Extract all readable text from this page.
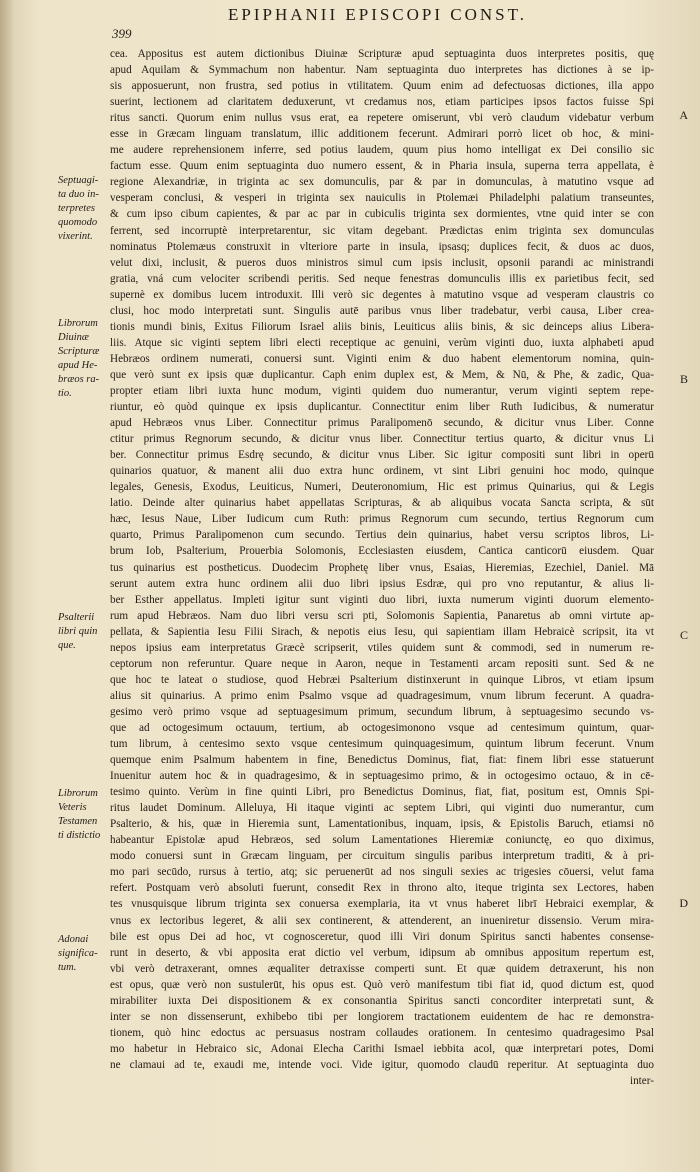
399
EPIPHANII EPISCOPI CONST.
cea. Appositus est autem dictionibus Diuinæ Scripturæ apud septuaginta duos interpretes positis, quę
apud Aquilam & Symmachum non habentur. Nam septuaginta duo interpretes has dictiones à se ip-
sis apposuerunt, non frustra, sed potius in vtilitatem. Quum enim ad defectuosas dictiones, illa appo
suerint, lectionem ad claritatem deduxerunt, vt credamus nos, etiam participes ipsos factos fuisse Spi
ritus sancti. Quorum enim nullus vsus erat, ea repetere omiserunt, vbi verò claudum videbatur verbum
esse in Græcam linguam translatum, illic additionem fecerunt. Admirari porrò licet ob hoc, & mini-
me audere reprehensionem inferre, sed potius laudem, quum pius homo intelligat ex Dei consilio sic
factum esse. Quum enim septuaginta duo numero essent, & in Pharia insula, superna terra appellata, è
regione Alexandriæ, in triginta ac sex domunculis, par & par in domunculas, à matutino vsque ad
vesperam conclusi, & vesperi in triginta sex nauiculis in Ptolemæi Philadelphi palatium transeuntes,
& cum ipso cibum capientes, & par ac par in cubiculis triginta sex dormientes, vtne quid inter se con
ferrent, sed incorruptè interpretarentur, sic vitam degebant. Prædictas enim triginta sex domunculas
nominatus Ptolemæus construxit in vlteriore parte in insula, ipsasq; duplices fecit, & duos ac duos,
velut dixi, inclusit, & pueros duos ministros simul cum ipsis inclusit, opsonii parandi ac ministrandi
gratia, vná cum velociter scribendi peritis. Sed neque fenestras domunculis illis ex parietibus fecit, sed
supernè ex domibus lucem introduxit. Illi verò sic degentes à matutino vsque ad vesperam claustris co
clusi, hoc modo interpretati sunt. Singulis autē paribus vnus liber tradebatur, verbi causa, Liber crea-
tionis mundi binis, Exitus Filiorum Israel aliis binis, Leuiticus aliis binis, & sic deinceps alius Libera-
liis. Atque sic viginti septem libri electi receptique ac genuini, verùm viginti duo, iuxta alphabeti apud
Hebræos ordinem numerati, conuersi sunt. Viginti enim & duo habent elementorum nomina, quin-
que verò sunt ex ipsis quæ duplicantur. Caph enim duplex est, & Mem, & Nū, & Phe, & zadic, Qua-
propter etiam libri iuxta hunc modum, viginti quidem duo numerantur, verum viginti septem repe-
riuntur, eò quòd quinque ex ipsis duplicantur. Connectitur enim liber Ruth Iudicibus, & numeratur
apud Hebræos vnus Liber. Connectitur primus Paralipomenō secundo, & dicitur vnus Liber. Conne
ctitur primus Regnorum secundo, & dicitur vnus liber. Connectitur tertius quarto, & dicitur vnus Li
ber. Connectitur primus Esdrę secundo, & dicitur vnus Liber. Sic igitur compositi sunt libri in operū
quinarios quatuor, & manent alii duo extra hunc ordinem, vt sint Libri genuini hoc modo, quinque
legales, Genesis, Exodus, Leuiticus, Numeri, Deuteronomium, Hic est primus Quinarius, qui & Legis
latio. Deinde alter quinarius habet appellatas Scripturas, & ab aliquibus vocata Sancta scripta, & sūt
hæc, Iesus Naue, Liber Iudicum cum Ruth: primus Regnorum cum secundo, tertius Regnorum cum
quarto, Primus Paralipomenon cum secundo. Tertius dein quinarius, habet versu scriptos libros, Li-
brum Iob, Psalterium, Prouerbia Solomonis, Ecclesiasten eiusdem, Cantica canticorū eiusdem. Quar
tus quinarius est postheticus. Duodecim Prophetę liber vnus, Esaias, Hieremias, Ezechiel, Daniel. Mā
serunt autem extra hunc ordinem alii duo libri ipsius Esdræ, qui pro vno reputantur, & alius li-
ber Esther appellatus. Impleti igitur sunt viginti duo libri, iuxta numerum viginti duorum elemento-
rum apud Hebræos. Nam duo libri versu scri pti, Solomonis Sapientia, Panaretus ab omni virtute ap-
pellata, & Sapientia Iesu Filii Sirach, & nepotis eius Iesu, qui sapientiam illam Hebraicè scripsit, ita vt
nepos ipsius eam interpretatus Græcè scripserit, vtiles quidem sunt & commodi, sed in numerum re-
ceptorum non referuntur. Quare neque in Aaron, neque in Testamenti arcam repositi sunt. Sed & ne
que hoc te lateat o studiose, quod Hebræi Psalterium distinxerunt in quinque Libros, vt etiam ipsum
alius sit quinarius. A primo enim Psalmo vsque ad quadragesimum, vnum librum fecerunt. A quadra-
gesimo verò primo vsque ad septuagesimum primum, secundum librum, à septuagesimo secundo vs-
que ad octogesimum octauum, tertium, ab octogesimonono vsque ad centesimum quintum, quar-
tum librum, à centesimo sexto vsque centesimum quinquagesimum, quintum librum fecerunt. Vnum
quemque enim Psalmum habentem in fine, Benedictus Dominus, fiat, fiat: finem libri esse statuerunt
Inuenitur autem hoc & in quadragesimo, & in septuagesimo primo, & in octogesimo octauo, & in cē-
tesimo quinto. Verùm in fine quinti Libri, pro Benedictus Dominus, fiat, fiat, positum est, Omnis Spi-
ritus laudet Dominum. Alleluya, Hi itaque viginti ac septem Libri, qui viginti duo numerantur, cum
Psalterio, & his, quæ in Hieremia sunt, Lamentationibus, inquam, ipsis, & Epistolis Baruch, etiamsi nō
habeantur Epistolæ apud Hebræos, sed solum Lamentationes Hieremiæ coniunctę, eo quo diximus,
modo conuersi sunt in Græcam linguam, per circuitum singulis paribus interpretum traditi, & à pri-
mo pari secūdo, rursus à tertio, atq; sic peruenerūt ad nos singuli sexies ac trigesies cōuersi, velut fama
refert. Postquam verò absoluti fuerunt, consedit Rex in throno alto, iteque triginta sex Lectores, haben
tes vnusquisque librum triginta sex conuersa exemplaria, ita vt vnus haberet librī Hebraici exemplar, &
vnus ex lectoribus legeret, & alii sex continerent, & attenderent, an inueniretur dissensio. Verum mira-
bile est opus Dei ad hoc, vt cognosceretur, quod illi Viri donum Spiritus sancti habentes consense-
runt in deserto, & vbi apposita erat dictio vel verbum, idipsum ab omnibus appositum repertum est,
vbi verò detraxerant, omnes æqualiter detraxisse comperti sunt. Et quæ quidem detraxerunt, his non
est opus, quæ verò non sustulerūt, his opus est. Quò verò manifestum tibi fiat id, quod dictum est, quod
mirabiliter iuxta Dei dispositionem & ex consonantia Spiritus sancti concorditer interpretati sunt, &
inter se non dissenserunt, exhibebo tibi per longiorem tractationem euidentem de hac re demonstra-
tionem, quò hinc edoctus ac persuasus nostram collaudes orationem. In centesimo quadragesimo Psal
mo habetur in Hebraico sic, Adonai Elecha Carithi Ismael iebbita acol, quæ interpretari potes, Domi
ne clamaui ad te, exaudi me, intende voci. Vide igitur, quomodo claudū reperitur. At septuaginta duo
inter-
Septuagi-
ta duo in-
terpretes
quomodo
vixerint.
Librorum
Diuinæ
Scripturæ
apud He-
bræos ra-
tio.
Psalterii
libri quin
que.
Librorum
Veteris
Testamen
ti distictio
Adonai
significa-
tum.
A
B
C
D
